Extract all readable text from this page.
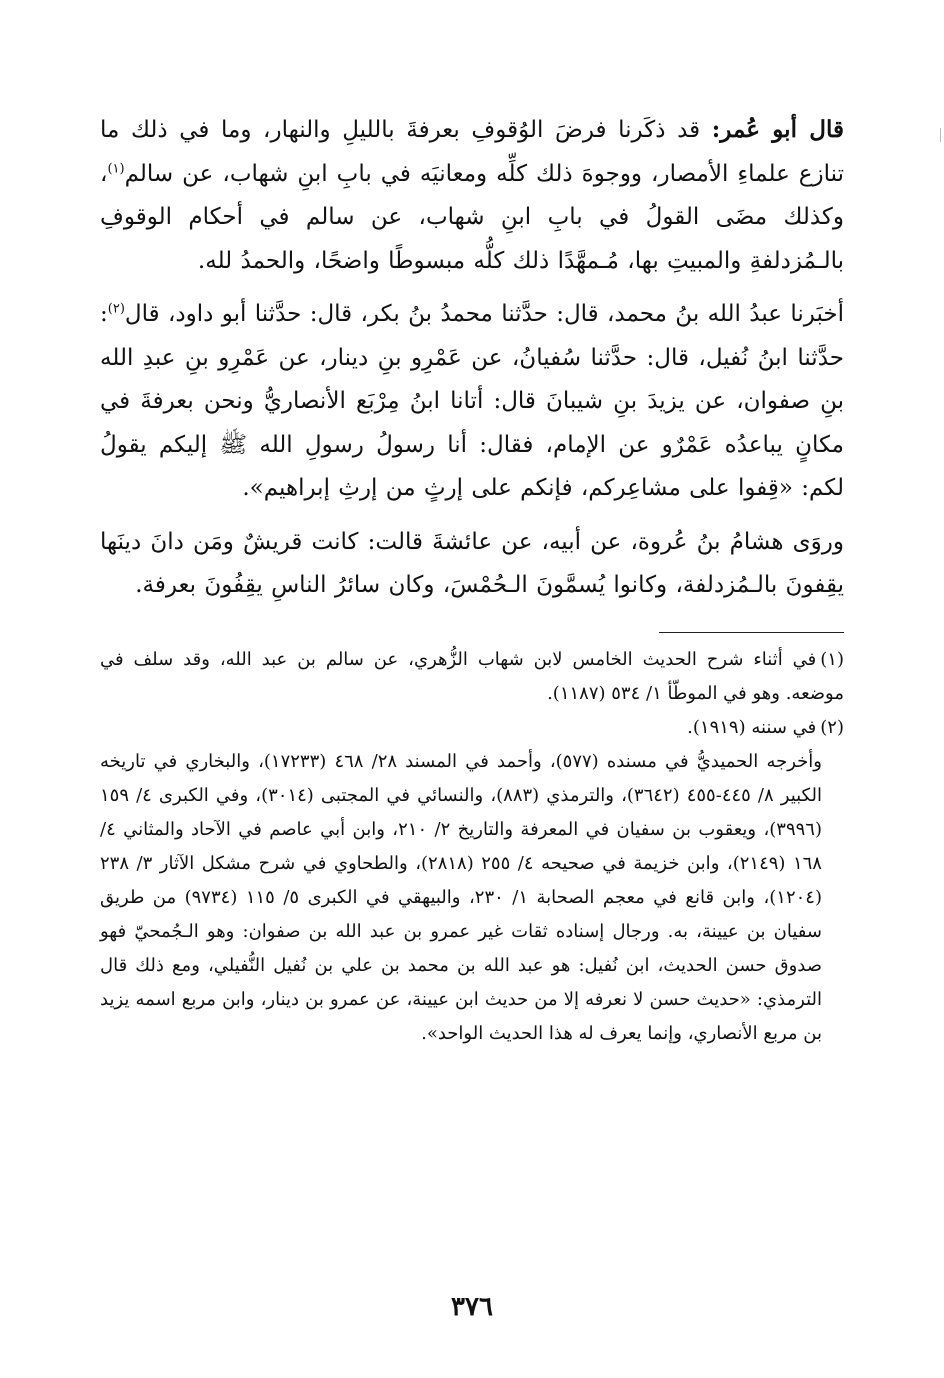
قال أبو عُمر: قد ذكَرنا فرضَ الوُقوفِ بعرفةَ بالليلِ والنهار، وما في ذلك ما تنازع علماءِ الأمصار، ووجوهَ ذلك كلِّه ومعانيَه في بابِ ابنِ شهاب، عن سالم$^{(١)}$، وكذلك مضَى القولُ في بابِ ابنِ شهاب، عن سالم في أحكام الوقوفِ بالـمُزدلفةِ والمبيتِ بها، مُـمهَّدًا ذلك كلُّه مبسوطًا واضحًا، والحمدُ لله.

أخبَرنا عبدُ الله بنُ محمد، قال: حدَّثنا محمدُ بنُ بكر، قال: حدَّثنا أبو داود، قال$^{(٢)}$: حدَّثنا ابنُ نُفيل، قال: حدَّثنا سُفيانُ، عن عَمْرِو بنِ دينار، عن عَمْرِو بنِ عبدِ الله بنِ صفوان، عن يزيدَ بنِ شيبانَ قال: أتانا ابنُ مِرْبَع الأنصاريُّ ونحن بعرفةَ في مكانٍ يباعدُه عَمْرٌو عن الإمام، فقال: أنا رسولُ رسولِ الله ﷺ إليكم يقولُ لكم: «قِفوا على مشاعِركم، فإنكم على إرثٍ من إرثِ إبراهيم».

وروَى هشامُ بنُ عُروة، عن أبيه، عن عائشةَ قالت: كانت قريشٌ ومَن دانَ دينَها يقِفونَ بالـمُزدلفة، وكانوا يُسمَّونَ الـحُمْسَ، وكان سائرُ الناسِ يقِفُونَ بعرفة.

(١)في أثناء شرح الحديث الخامس لابن شهاب الزُّهري، عن سالم بن عبد الله، وقد سلف في موضعه. وهو في الموطّأ ١/ ٥٣٤ (١١٨٧).

(٢)في سننه (١٩١٩).

وأخرجه الحميديُّ في مسنده (٥٧٧)، وأحمد في المسند ٢٨/ ٤٦٨ (١٧٢٣٣)، والبخاري في تاريخه الكبير ٨/ ٤٤٥-٤٥٥ (٣٦٤٢)، والترمذي (٨٨٣)، والنسائي في المجتبى (٣٠١٤)، وفي الكبرى ٤/ ١٥٩ (٣٩٩٦)، ويعقوب بن سفيان في المعرفة والتاريخ ٢/ ٢١٠، وابن أبي عاصم في الآحاد والمثاني ٤/ ١٦٨ (٢١٤٩)، وابن خزيمة في صحيحه ٤/ ٢٥٥ (٢٨١٨)، والطحاوي في شرح مشكل الآثار ٣/ ٢٣٨ (١٢٠٤)، وابن قانع في معجم الصحابة ١/ ٢٣٠، والبيهقي في الكبرى ٥/ ١١٥ (٩٧٣٤) من طريق سفيان بن عيينة، به. ورجال إسناده ثقات غير عمرو بن عبد الله بن صفوان: وهو الـجُمحيّ فهو صدوق حسن الحديث، ابن نُفيل: هو عبد الله بن محمد بن علي بن نُفيل النُّفيلي، ومع ذلك قال الترمذي: «حديث حسن لا نعرفه إلا من حديث ابن عيينة، عن عمرو بن دينار، وابن مربع اسمه يزيد بن مربع الأنصاري، وإنما يعرف له هذا الحديث الواحد».

٣٧٦
